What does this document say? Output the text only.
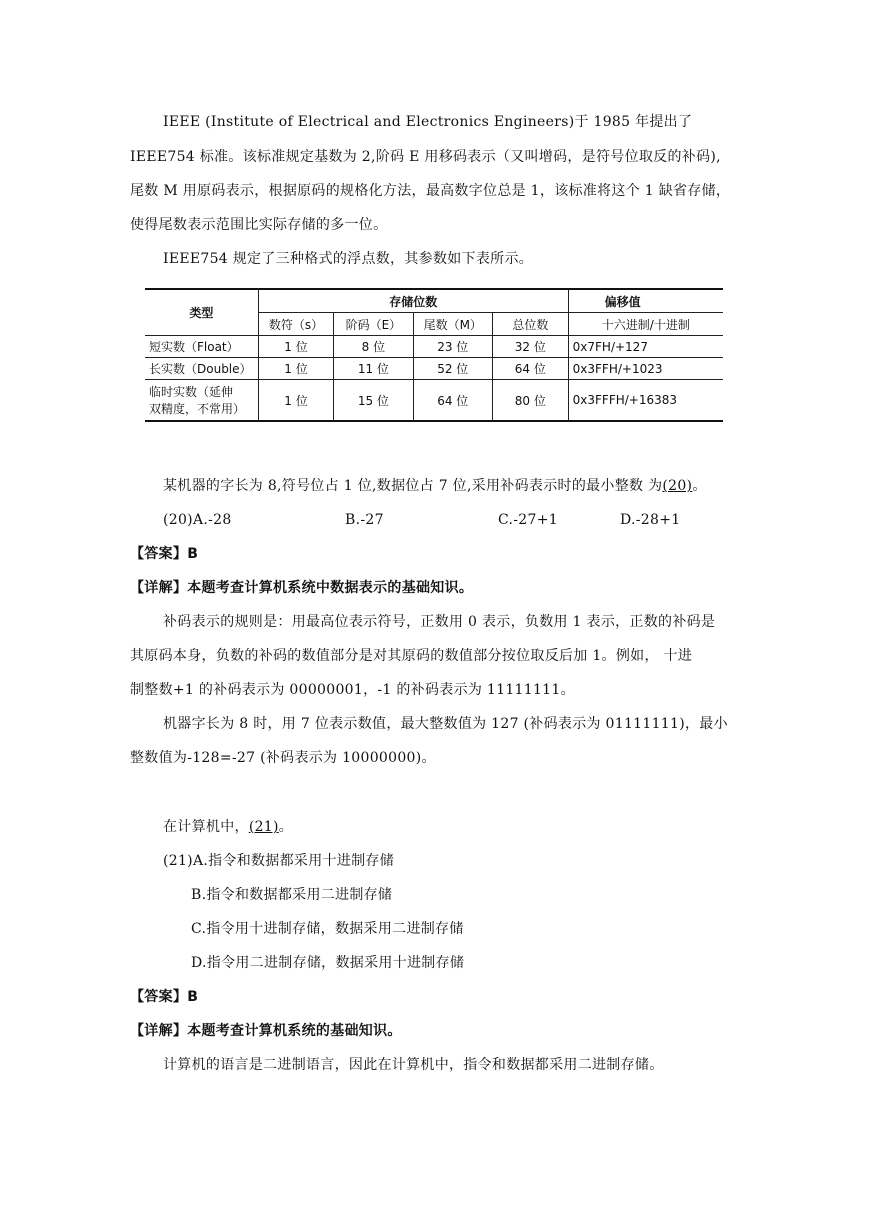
IEEE (Institute of Electrical and Electronics Engineers)于 1985 年提出了
IEEE754 标准。该标准规定基数为 2,阶码 E 用移码表示（又叫增码，是符号位取反的补码),
尾数 M 用原码表示，根据原码的规格化方法，最高数字位总是 1，该标准将这个 1 缺省存储，
使得尾数表示范围比实际存储的多一位。
IEEE754 规定了三种格式的浮点数，其参数如下表所示。
类型	存储位数				偏移值
	数符（s）	阶码（E）	尾数（M）	总位数	十六进制/十进制
短实数（Float）	1 位	8 位	23 位	32 位	0x7FH/+127
长实数（Double）	1 位	11 位	52 位	64 位	0x3FFH/+1023

临时实数（延伸
双精度，不常用）	1 位	15 位	64 位	80 位	0x3FFFH/+16383
某机器的字长为 8,符号位占 1 位,数据位占 7 位,采用补码表示时的最小整数 为(20)。
(20)A.-28	B.-27	C.-27+1	D.-28+1
【答案】B
【详解】本题考查计算机系统中数据表示的基础知识。
补码表示的规则是：用最高位表示符号，正数用 0 表示，负数用 1 表示，正数的补码是
其原码本身，负数的补码的数值部分是对其原码的数值部分按位取反后加 1。例如， 十进
制整数+1 的补码表示为 00000001，-1 的补码表示为 11111111。
机器字长为 8 时，用 7 位表示数值，最大整数值为 127 (补码表示为 01111111)，最小
整数值为-128=-27 (补码表示为 10000000)。
在计算机中，(21)。
(21)A.指令和数据都采用十进制存储
B.指令和数据都采用二进制存储
C.指令用十进制存储，数据采用二进制存储
D.指令用二进制存储，数据采用十进制存储
【答案】B
【详解】本题考查计算机系统的基础知识。
计算机的语言是二进制语言，因此在计算机中，指令和数据都采用二进制存储。
